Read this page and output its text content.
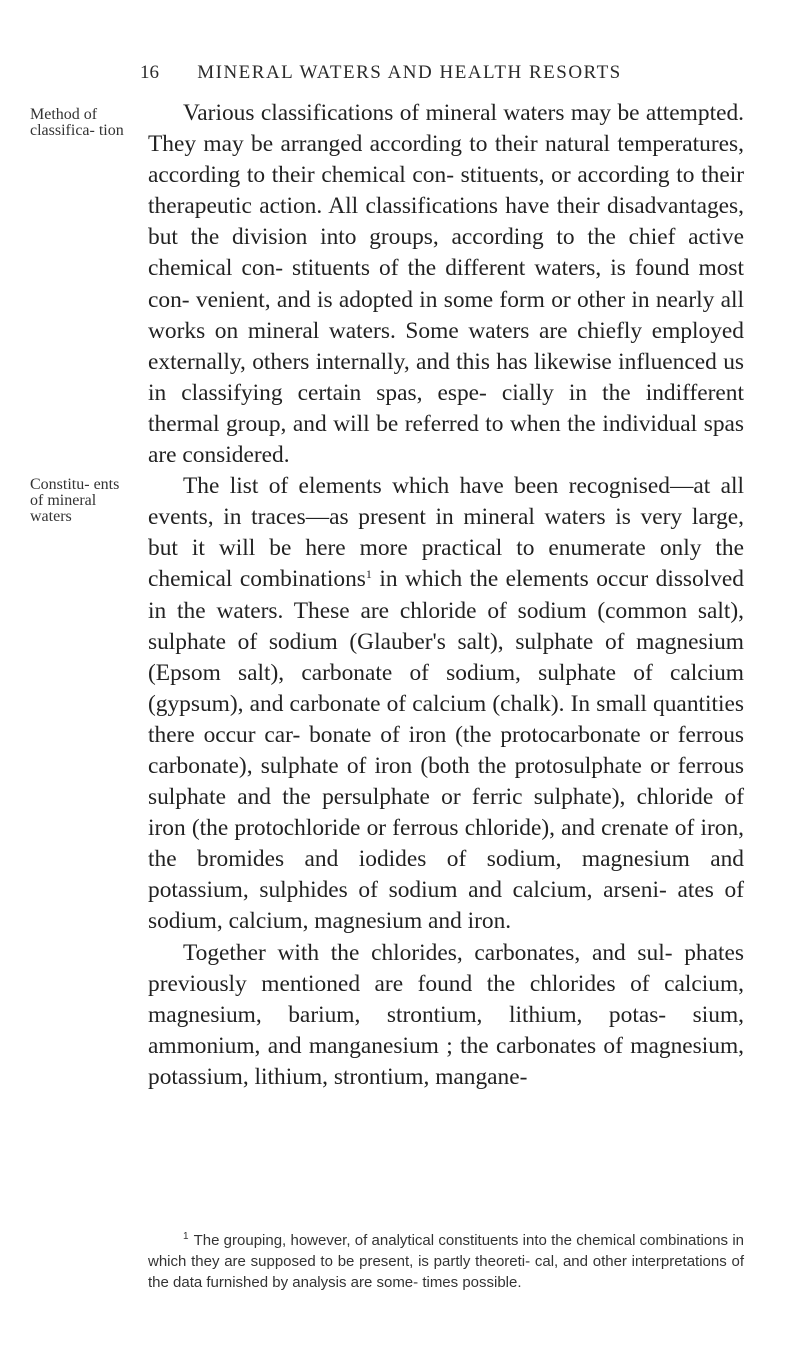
16 MINERAL WATERS AND HEALTH RESORTS
Method of classifica- tion
Constitu- ents of mineral waters

Various classifications of mineral waters may be attempted. They may be arranged according to their natural temperatures, according to their chemical con- stituents, or according to their therapeutic action. All classifications have their disadvantages, but the division into groups, according to the chief active chemical con- stituents of the different waters, is found most con- venient, and is adopted in some form or other in nearly all works on mineral waters. Some waters are chiefly employed externally, others internally, and this has likewise influenced us in classifying certain spas, espe- cially in the indifferent thermal group, and will be referred to when the individual spas are considered.

The list of elements which have been recognised—at all events, in traces—as present in mineral waters is very large, but it will be here more practical to enumerate only the chemical combinations$^1$ in which the elements occur dissolved in the waters. These are chloride of sodium (common salt), sulphate of sodium (Glauber's salt), sulphate of magnesium (Epsom salt), carbonate of sodium, sulphate of calcium (gypsum), and carbonate of calcium (chalk). In small quantities there occur car- bonate of iron (the protocarbonate or ferrous carbonate), sulphate of iron (both the protosulphate or ferrous sulphate and the persulphate or ferric sulphate), chloride of iron (the protochloride or ferrous chloride), and crenate of iron, the bromides and iodides of sodium, magnesium and potassium, sulphides of sodium and calcium, arseni- ates of sodium, calcium, magnesium and iron.

Together with the chlorides, carbonates, and sul- phates previously mentioned are found the chlorides of calcium, magnesium, barium, strontium, lithium, potas- sium, ammonium, and manganesium ; the carbonates of magnesium, potassium, lithium, strontium, mangane-

$^1$ The grouping, however, of analytical constituents into the chemical combinations in which they are supposed to be present, is partly theoreti- cal, and other interpretations of the data furnished by analysis are some- times possible.
